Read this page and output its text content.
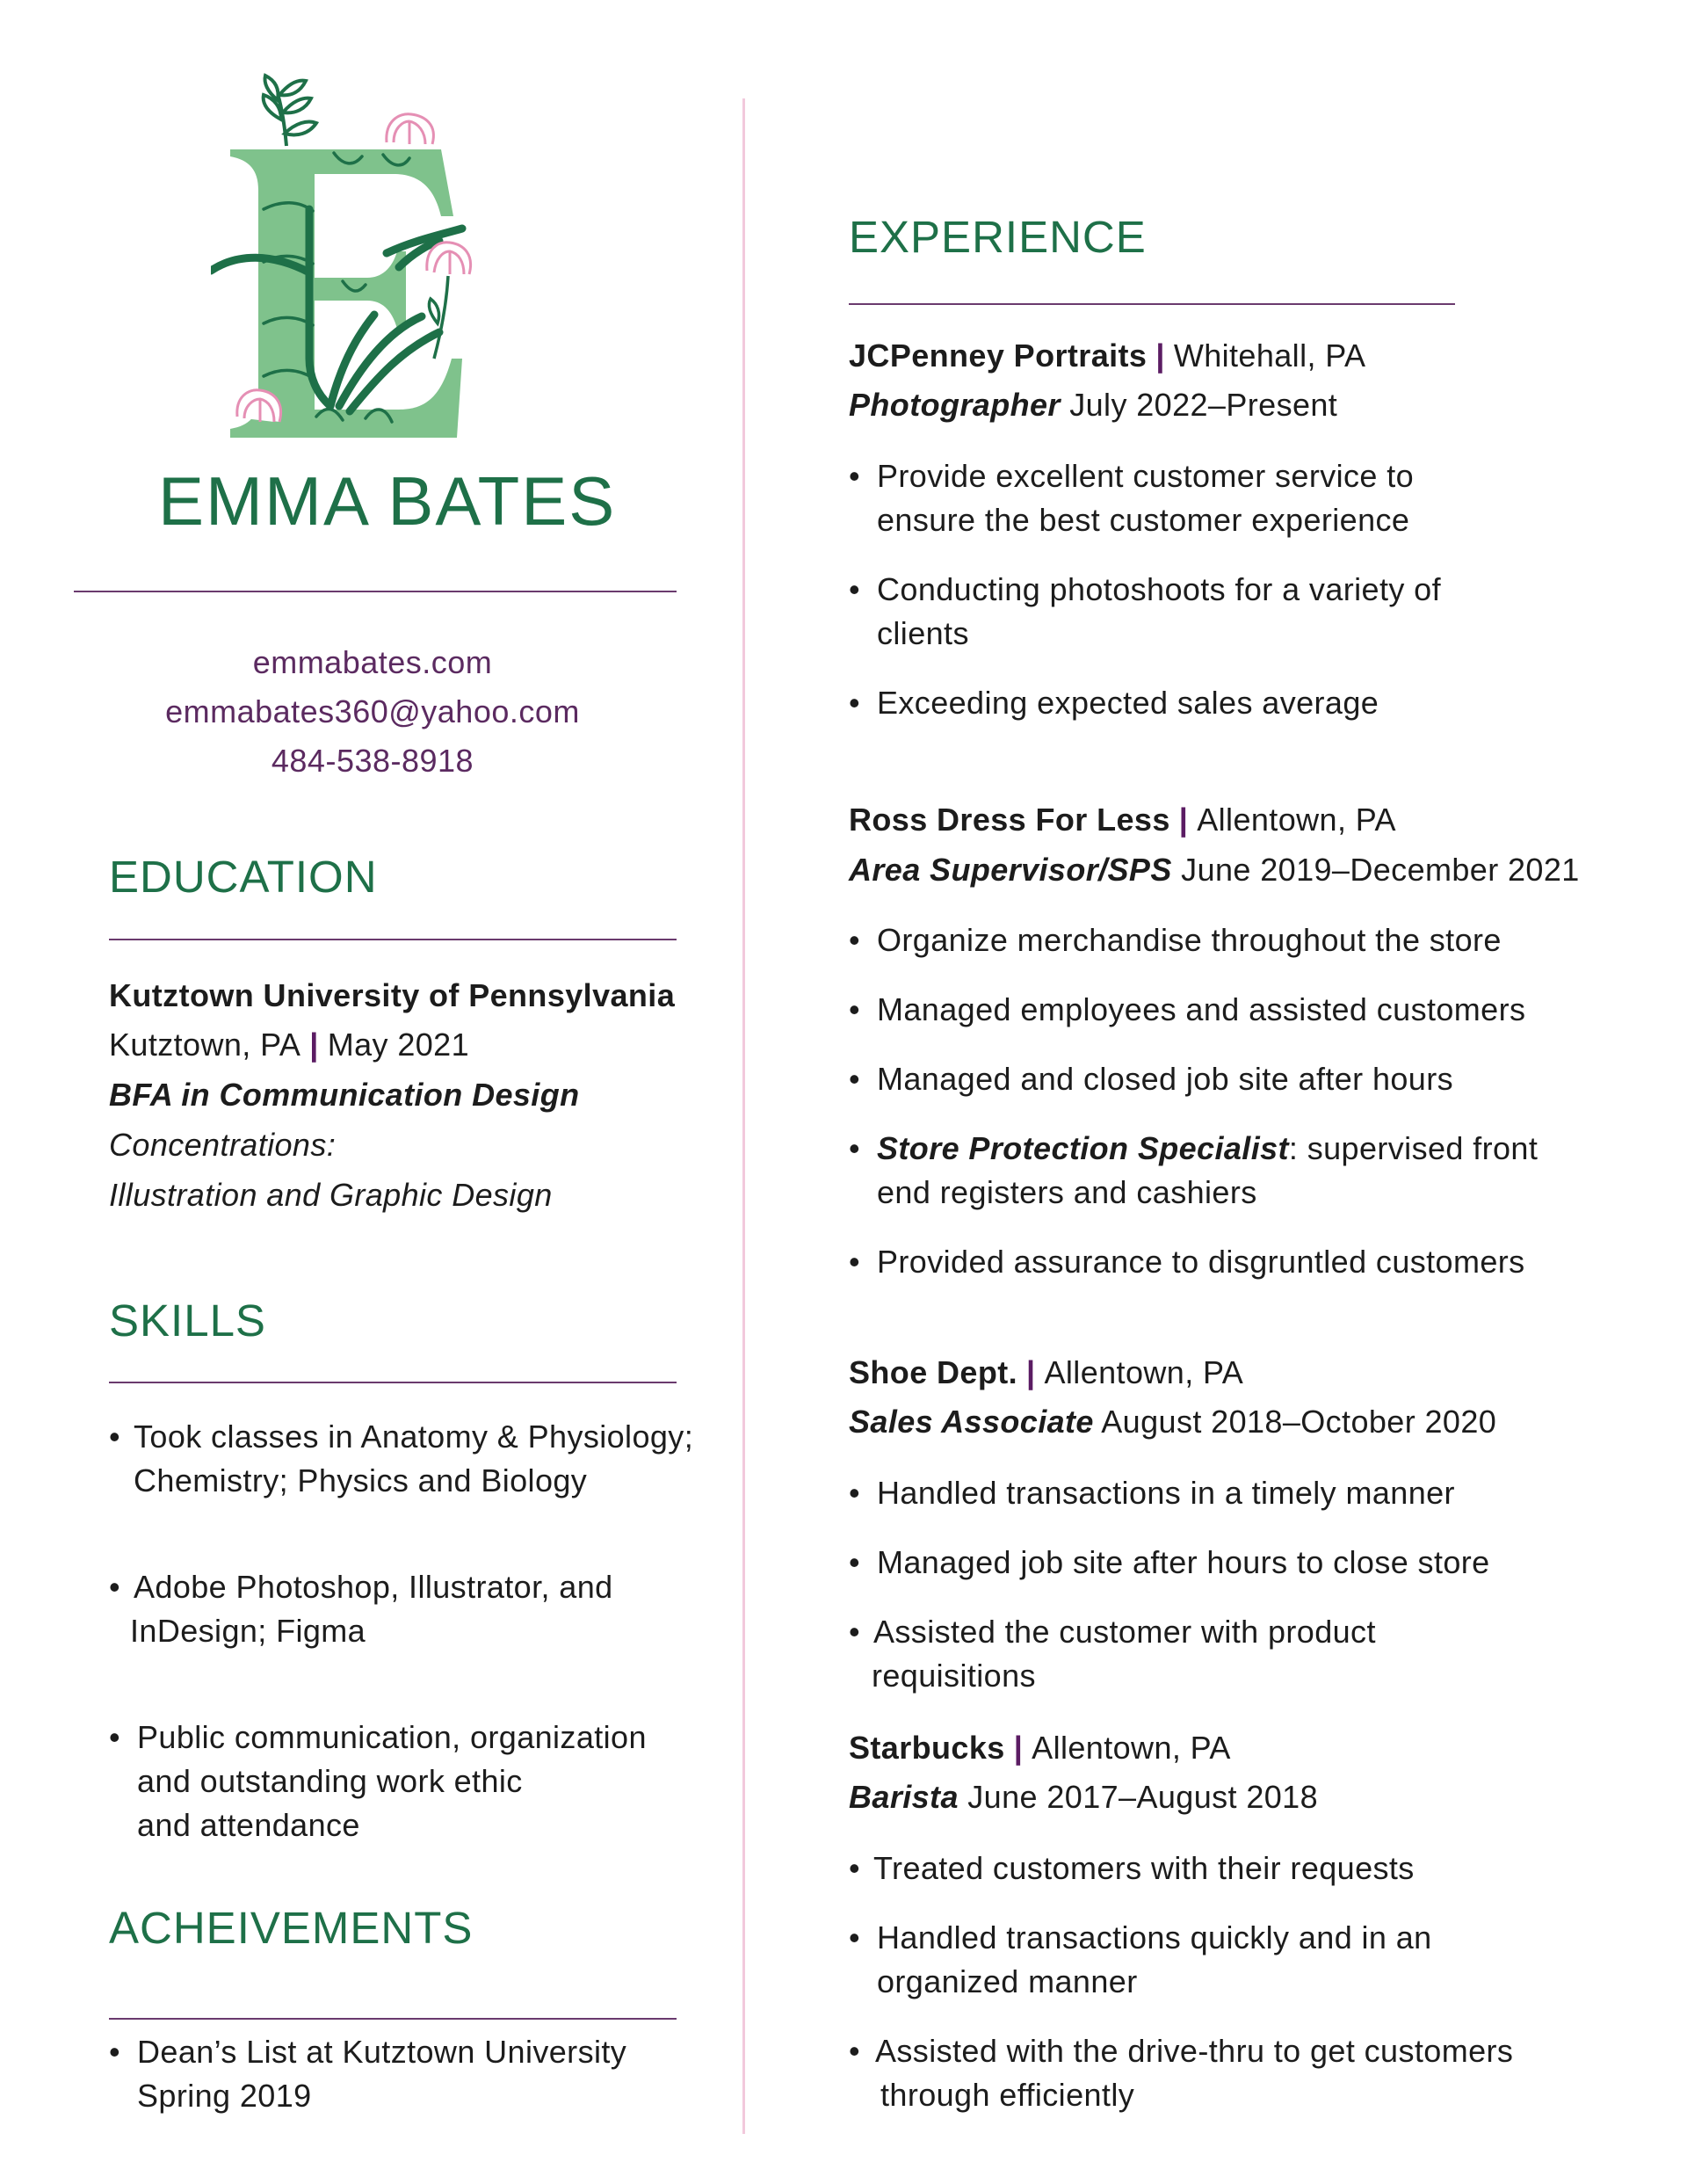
EMMA BATES
emmabates.com
emmabates360@yahoo.com
484-538-8918
EDUCATION
Kutztown University of Pennsylvania
Kutztown, PA | May 2021
BFA in Communication Design
Concentrations:
Illustration and Graphic Design
SKILLS
• Took classes in Anatomy & Physiology;
Chemistry; Physics and Biology
• Adobe Photoshop, Illustrator, and
InDesign; Figma
• Public communication, organization
and outstanding work ethic
and attendance
ACHEIVEMENTS
• Dean’s List at Kutztown University
Spring 2019
EXPERIENCE
JCPenney Portraits | Whitehall, PA
Photographer July 2022–Present
• Provide excellent customer service to
ensure the best customer experience
• Conducting photoshoots for a variety of
clients
• Exceeding expected sales average
Ross Dress For Less | Allentown, PA
Area Supervisor/SPS June 2019–December 2021
• Organize merchandise throughout the store
• Managed employees and assisted customers
• Managed and closed job site after hours
• Store Protection Specialist: supervised front
end registers and cashiers
• Provided assurance to disgruntled customers
Shoe Dept. | Allentown, PA
Sales Associate August 2018–October 2020
• Handled transactions in a timely manner
• Managed job site after hours to close store
• Assisted the customer with product
requisitions
Starbucks | Allentown, PA
Barista June 2017–August 2018
• Treated customers with their requests
• Handled transactions quickly and in an
organized manner
• Assisted with the drive-thru to get customers
through efficiently
